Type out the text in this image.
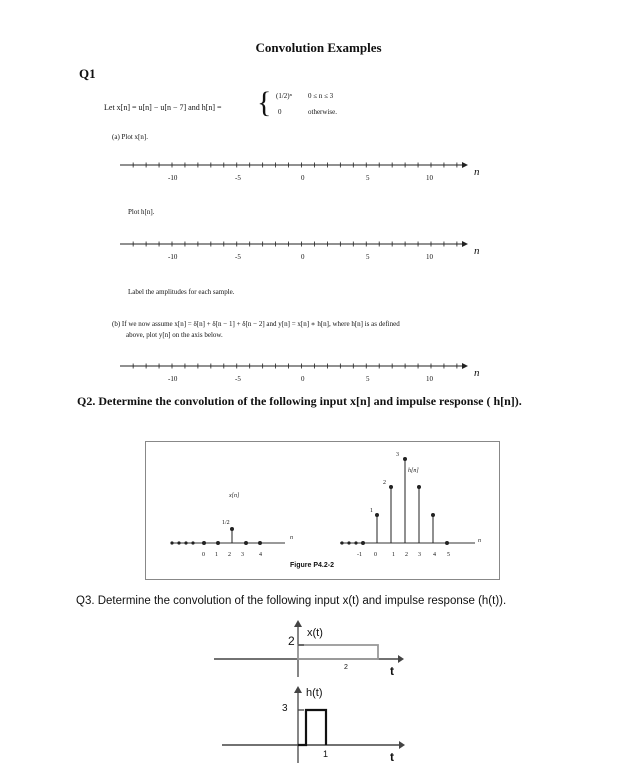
Convolution Examples
Q1
Let x[n] = u[n] − u[n − 7] and h[n] = { (1/2)ⁿ 0 ≤ n ≤ 3
0	otherwise.
(a) Plot x[n].
-10	-5	0	5	10	n
Plot h[n].
-10	-5	0	5	10	n
Label the amplitudes for each sample.
(b) If we now assume x[n] = δ[n] + δ[n − 1] + δ[n − 2] and y[n] = x[n] ∗ h[n], where h[n] is as defined
above, plot y[n] on the axis below.
-10	-5	0	5	10	n
Q2. Determine the convolution of the following input x[n] and impulse response ( h[n]).
x[n]
h[n]
1/2
3
2
1
n	n
0 1 2 3	4	-1 0	1 2 3 4 5
Figure P4.2-2
Q3. Determine the convolution of the following input x(t) and impulse response (h(t)).
2
x(t)
2	t
h(t)
3
1	t
